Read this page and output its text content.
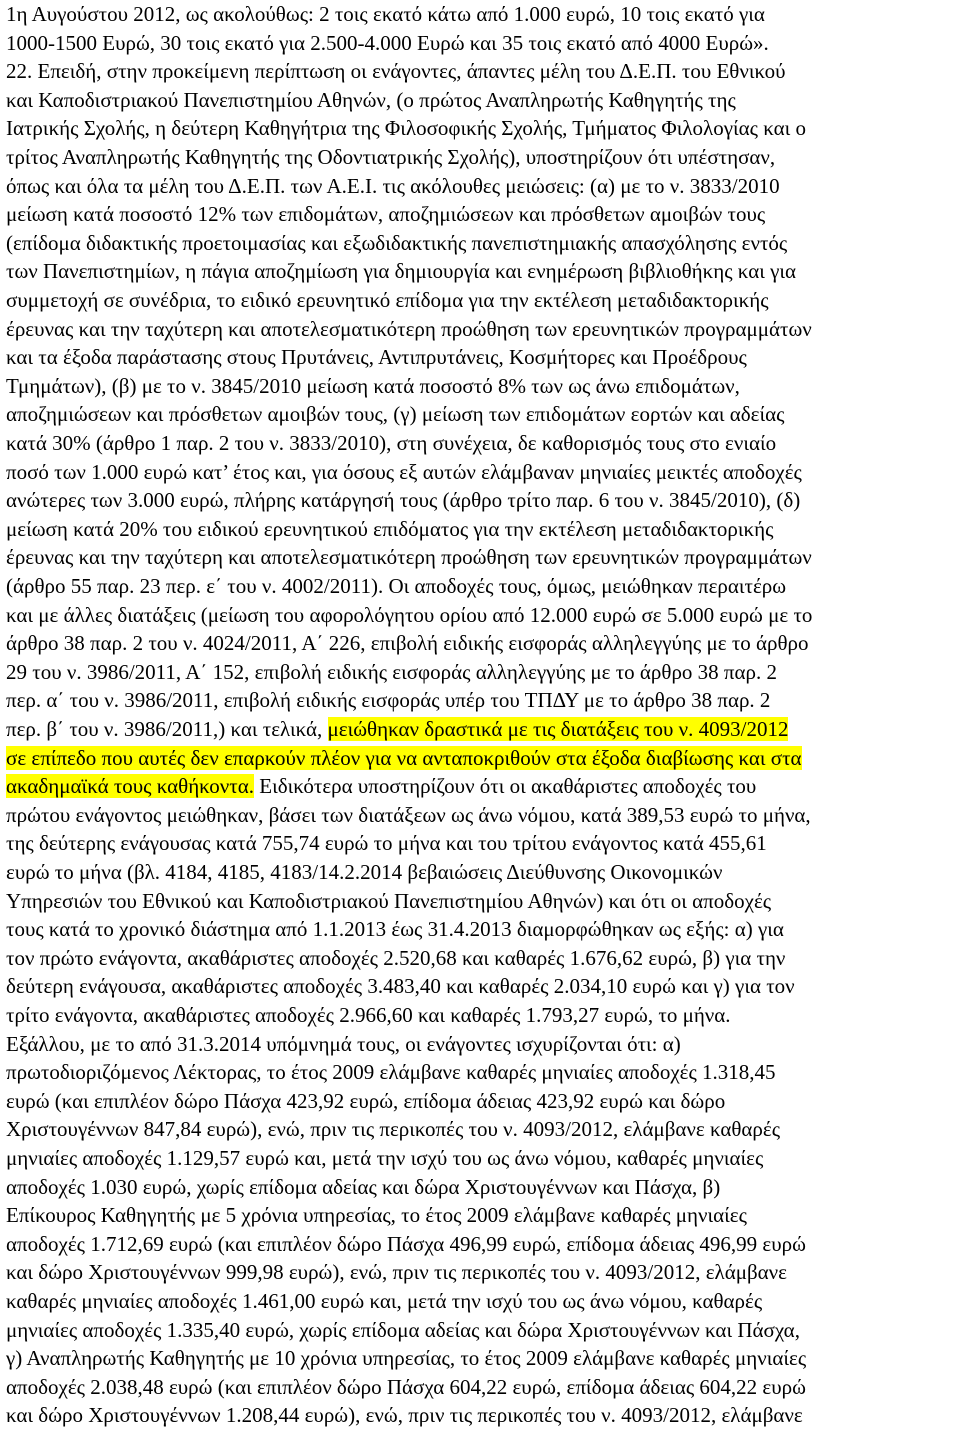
1η Αυγούστου 2012, ως ακολούθως: 2 τοις εκατό κάτω από 1.000 ευρώ, 10 τοις εκατό για
1000-1500 Ευρώ, 30 τοις εκατό για 2.500-4.000 Ευρώ και 35 τοις εκατό από 4000 Ευρώ».
22. Επειδή, στην προκείμενη περίπτωση οι ενάγοντες, άπαντες μέλη του Δ.Ε.Π. του Εθνικού
και Καποδιστριακού Πανεπιστημίου Αθηνών, (ο πρώτος Αναπληρωτής Καθηγητής της
Ιατρικής Σχολής, η δεύτερη Καθηγήτρια της Φιλοσοφικής Σχολής, Τμήματος Φιλολογίας και ο
τρίτος Αναπληρωτής Καθηγητής της Οδοντιατρικής Σχολής), υποστηρίζουν ότι υπέστησαν,
όπως και όλα τα μέλη του Δ.Ε.Π. των Α.Ε.Ι. τις ακόλουθες μειώσεις: (α) με το ν. 3833/2010
μείωση κατά ποσοστό 12% των επιδομάτων, αποζημιώσεων και πρόσθετων αμοιβών τους
(επίδομα διδακτικής προετοιμασίας και εξωδιδακτικής πανεπιστημιακής απασχόλησης εντός
των Πανεπιστημίων, η πάγια αποζημίωση για δημιουργία και ενημέρωση βιβλιοθήκης και για
συμμετοχή σε συνέδρια, το ειδικό ερευνητικό επίδομα για την εκτέλεση μεταδιδακτορικής
έρευνας και την ταχύτερη και αποτελεσματικότερη προώθηση των ερευνητικών προγραμμάτων
και τα έξοδα παράστασης στους Πρυτάνεις, Αντιπρυτάνεις, Κοσμήτορες και Προέδρους
Τμημάτων), (β) με το ν. 3845/2010 μείωση κατά ποσοστό 8% των ως άνω επιδομάτων,
αποζημιώσεων και πρόσθετων αμοιβών τους, (γ) μείωση των επιδομάτων εορτών και αδείας
κατά 30% (άρθρο 1 παρ. 2 του ν. 3833/2010), στη συνέχεια, δε καθορισμός τους στο ενιαίο
ποσό των 1.000 ευρώ κατ’ έτος και, για όσους εξ αυτών ελάμβαναν μηνιαίες μεικτές αποδοχές
ανώτερες των 3.000 ευρώ, πλήρης κατάργησή τους (άρθρο τρίτο παρ. 6 του ν. 3845/2010), (δ)
μείωση κατά 20% του ειδικού ερευνητικού επιδόματος για την εκτέλεση μεταδιδακτορικής
έρευνας και την ταχύτερη και αποτελεσματικότερη προώθηση των ερευνητικών προγραμμάτων
(άρθρο 55 παρ. 23 περ. ε΄ του ν. 4002/2011). Οι αποδοχές τους, όμως, μειώθηκαν περαιτέρω
και με άλλες διατάξεις (μείωση του αφορολόγητου ορίου από 12.000 ευρώ σε 5.000 ευρώ με το
άρθρο 38 παρ. 2 του ν. 4024/2011, Α΄ 226, επιβολή ειδικής εισφοράς αλληλεγγύης με το άρθρο
29 του ν. 3986/2011, Α΄ 152, επιβολή ειδικής εισφοράς αλληλεγγύης με το άρθρο 38 παρ. 2
περ. α΄ του ν. 3986/2011, επιβολή ειδικής εισφοράς υπέρ του ΤΠΔΥ με το άρθρο 38 παρ. 2
περ. β΄ του ν. 3986/2011,) και τελικά, μειώθηκαν δραστικά με τις διατάξεις του ν. 4093/2012
σε επίπεδο που αυτές δεν επαρκούν πλέον για να ανταποκριθούν στα έξοδα διαβίωσης και στα
ακαδημαϊκά τους καθήκοντα. Ειδικότερα υποστηρίζουν ότι οι ακαθάριστες αποδοχές του
πρώτου ενάγοντος μειώθηκαν, βάσει των διατάξεων ως άνω νόμου, κατά 389,53 ευρώ το μήνα,
της δεύτερης ενάγουσας κατά 755,74 ευρώ το μήνα και του τρίτου ενάγοντος κατά 455,61
ευρώ το μήνα (βλ. 4184, 4185, 4183/14.2.2014 βεβαιώσεις Διεύθυνσης Οικονομικών
Υπηρεσιών του Εθνικού και Καποδιστριακού Πανεπιστημίου Αθηνών) και ότι οι αποδοχές
τους κατά το χρονικό διάστημα από 1.1.2013 έως 31.4.2013 διαμορφώθηκαν ως εξής: α) για
τον πρώτο ενάγοντα, ακαθάριστες αποδοχές 2.520,68 και καθαρές 1.676,62 ευρώ, β) για την
δεύτερη ενάγουσα, ακαθάριστες αποδοχές 3.483,40 και καθαρές 2.034,10 ευρώ και γ) για τον
τρίτο ενάγοντα, ακαθάριστες αποδοχές 2.966,60 και καθαρές 1.793,27 ευρώ, το μήνα.
Εξάλλου, με το από 31.3.2014 υπόμνημά τους, οι ενάγοντες ισχυρίζονται ότι: α)
πρωτοδιοριζόμενος Λέκτορας, το έτος 2009 ελάμβανε καθαρές μηνιαίες αποδοχές 1.318,45
ευρώ (και επιπλέον δώρο Πάσχα 423,92 ευρώ, επίδομα άδειας 423,92 ευρώ και δώρο
Χριστουγέννων 847,84 ευρώ), ενώ, πριν τις περικοπές του ν. 4093/2012, ελάμβανε καθαρές
μηνιαίες αποδοχές 1.129,57 ευρώ και, μετά την ισχύ του ως άνω νόμου, καθαρές μηνιαίες
αποδοχές 1.030 ευρώ, χωρίς επίδομα αδείας και δώρα Χριστουγέννων και Πάσχα, β)
Επίκουρος Καθηγητής με 5 χρόνια υπηρεσίας, το έτος 2009 ελάμβανε καθαρές μηνιαίες
αποδοχές 1.712,69 ευρώ (και επιπλέον δώρο Πάσχα 496,99 ευρώ, επίδομα άδειας 496,99 ευρώ
και δώρο Χριστουγέννων 999,98 ευρώ), ενώ, πριν τις περικοπές του ν. 4093/2012, ελάμβανε
καθαρές μηνιαίες αποδοχές 1.461,00 ευρώ και, μετά την ισχύ του ως άνω νόμου, καθαρές
μηνιαίες αποδοχές 1.335,40 ευρώ, χωρίς επίδομα αδείας και δώρα Χριστουγέννων και Πάσχα,
γ) Αναπληρωτής Καθηγητής με 10 χρόνια υπηρεσίας, το έτος 2009 ελάμβανε καθαρές μηνιαίες
αποδοχές 2.038,48 ευρώ (και επιπλέον δώρο Πάσχα 604,22 ευρώ, επίδομα άδειας 604,22 ευρώ
και δώρο Χριστουγέννων 1.208,44 ευρώ), ενώ, πριν τις περικοπές του ν. 4093/2012, ελάμβανε
